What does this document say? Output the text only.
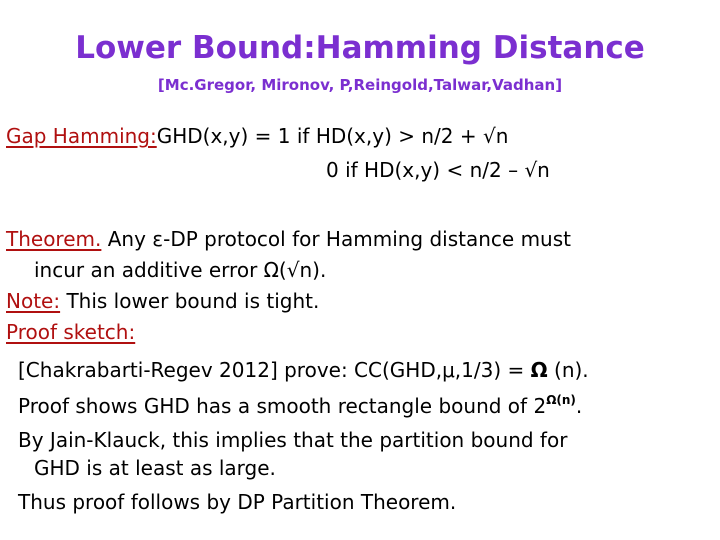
Lower Bound:Hamming Distance
[Mc.Gregor, Mironov, P,Reingold,Talwar,Vadhan]
Gap Hamming:GHD(x,y) = 1 if HD(x,y) > n/2 + √n
0 if HD(x,y) < n/2 – √n
Theorem. Any ε-DP protocol for Hamming distance must
incur an additive error Ω(√n).
Note: This lower bound is tight.
Proof sketch:
[Chakrabarti-Regev 2012] prove: CC(GHD,μ,1/3) = Ω (n).
Proof shows GHD has a smooth rectangle bound of $2^{\Omega(n)}$.
By Jain-Klauck, this implies that the partition bound for
GHD is at least as large.
Thus proof follows by DP Partition Theorem.
